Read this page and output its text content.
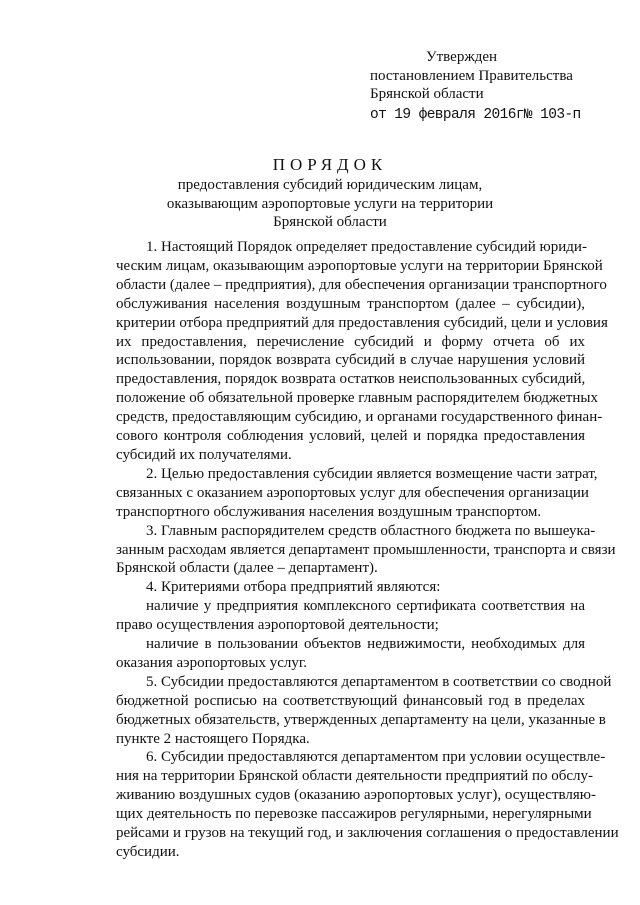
Утвержден
постановлением Правительства
Брянской области
от 19 февраля 2016г№ 103-п
ПОРЯДОК
предоставления субсидий юридическим лицам,
оказывающим аэропортовые услуги на территории
Брянской области
1. Настоящий Порядок определяет предоставление субсидий юриди-
ческим лицам, оказывающим аэропортовые услуги на территории Брянской
области (далее – предприятия), для обеспечения организации транспортного
обслуживания населения воздушным транспортом (далее – субсидии),
критерии отбора предприятий для предоставления субсидий, цели и условия
их предоставления, перечисление субсидий и форму отчета об их
использовании, порядок возврата субсидий в случае нарушения условий
предоставления, порядок возврата остатков неиспользованных субсидий,
положение об обязательной проверке главным распорядителем бюджетных
средств, предоставляющим субсидию, и органами государственного финан-
сового контроля соблюдения условий, целей и порядка предоставления
субсидий их получателями.
2. Целью предоставления субсидии является возмещение части затрат,
связанных с оказанием аэропортовых услуг для обеспечения организации
транспортного обслуживания населения воздушным транспортом.
3. Главным распорядителем средств областного бюджета по вышеука-
занным расходам является департамент промышленности, транспорта и связи
Брянской области (далее – департамент).
4. Критериями отбора предприятий являются:
наличие у предприятия комплексного сертификата соответствия на
право осуществления аэропортовой деятельности;
наличие в пользовании объектов недвижимости, необходимых для
оказания аэропортовых услуг.
5. Субсидии предоставляются департаментом в соответствии со сводной
бюджетной росписью на соответствующий финансовый год в пределах
бюджетных обязательств, утвержденных департаменту на цели, указанные в
пункте 2 настоящего Порядка.
6. Субсидии предоставляются департаментом при условии осуществле-
ния на территории Брянской области деятельности предприятий по обслу-
живанию воздушных судов (оказанию аэропортовых услуг), осуществляю-
щих деятельность по перевозке пассажиров регулярными, нерегулярными
рейсами и грузов на текущий год, и заключения соглашения о предоставлении
субсидии.
